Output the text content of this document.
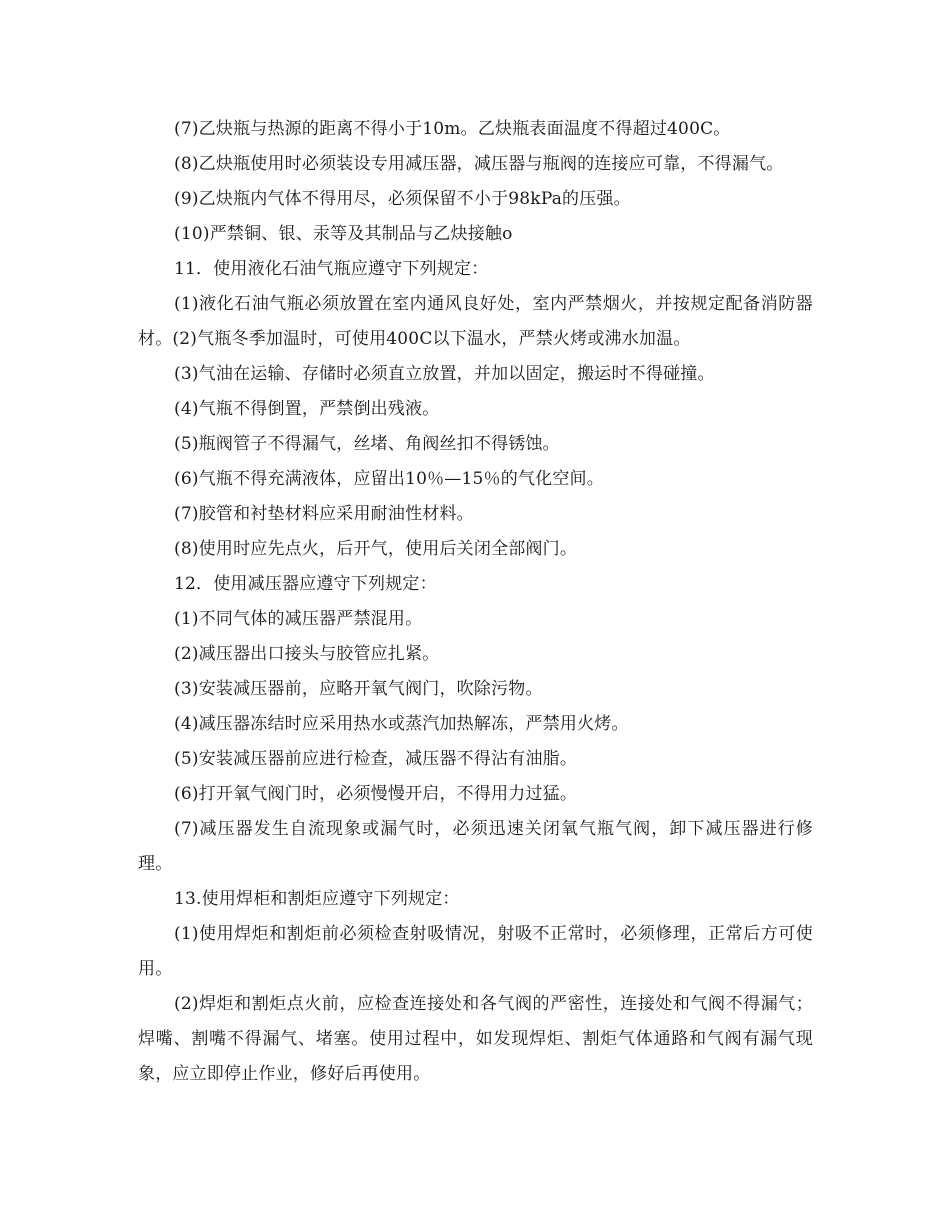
(7)乙炔瓶与热源的距离不得小于10m。乙炔瓶表面温度不得超过400C。

(8)乙炔瓶使用时必须装设专用减压器，减压器与瓶阀的连接应可靠，不得漏气。

(9)乙炔瓶内气体不得用尽，必须保留不小于98kPa的压强。

(10)严禁铜、银、汞等及其制品与乙炔接触o

11．使用液化石油气瓶应遵守下列规定：

(1)液化石油气瓶必须放置在室内通风良好处，室内严禁烟火，并按规定配备消防器材。(2)气瓶冬季加温时，可使用400C以下温水，严禁火烤或沸水加温。

(3)气油在运输、存储时必须直立放置，并加以固定，搬运时不得碰撞。

(4)气瓶不得倒置，严禁倒出残液。

(5)瓶阀管子不得漏气，丝堵、角阀丝扣不得锈蚀。

(6)气瓶不得充满液体，应留出10％—15％的气化空间。

(7)胶管和衬垫材料应采用耐油性材料。

(8)使用时应先点火，后开气，使用后关闭全部阀门。

12．使用减压器应遵守下列规定：

(1)不同气体的减压器严禁混用。

(2)减压器出口接头与胶管应扎紧。

(3)安装减压器前，应略开氧气阀门，吹除污物。

(4)减压器冻结时应采用热水或蒸汽加热解冻，严禁用火烤。

(5)安装减压器前应进行检查，减压器不得沾有油脂。

(6)打开氧气阀门时，必须慢慢开启，不得用力过猛。

(7)减压器发生自流现象或漏气时，必须迅速关闭氧气瓶气阀，卸下减压器进行修理。

13.使用焊柜和割炬应遵守下列规定：

(1)使用焊炬和割炬前必须检查射吸情况，射吸不正常时，必须修理，正常后方可使用。

(2)焊炬和割炬点火前，应检查连接处和各气阀的严密性，连接处和气阀不得漏气；焊嘴、割嘴不得漏气、堵塞。使用过程中，如发现焊炬、割炬气体通路和气阀有漏气现象，应立即停止作业，修好后再使用。
